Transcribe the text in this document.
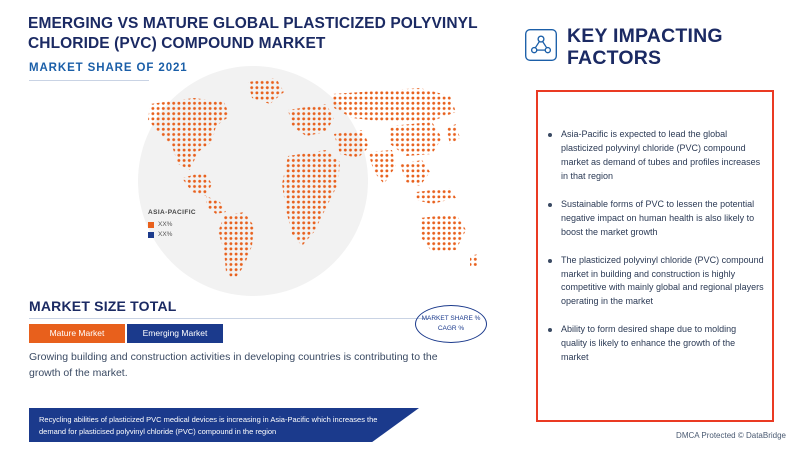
EMERGING VS MATURE GLOBAL PLASTICIZED POLYVINYL CHLORIDE (PVC) COMPOUND MARKET
MARKET SHARE OF 2021
ASIA-PACIFIC
XX%
XX%
MARKET SIZE TOTAL
Mature Market	Emerging Market
MARKET SHARE %
CAGR %
Growing building and construction activities in developing countries is contributing to the growth of the market.
Recycling abilities of plasticized PVC medical devices is increasing in Asia-Pacific which increases the demand for plasticised polyvinyl chloride (PVC) compound in the region
KEY IMPACTING FACTORS
Asia-Pacific is expected to lead the global plasticized polyvinyl chloride (PVC) compound market as demand of tubes and profiles increases in that region
Sustainable forms of PVC to lessen the potential negative impact on human health is also likely to boost the market growth
The plasticized polyvinyl chloride (PVC) compound market in building and construction is highly competitive with mainly global and regional players operating in the market
Ability to form desired shape due to molding quality is likely to enhance the growth of the market
DMCA Protected © DataBridge
